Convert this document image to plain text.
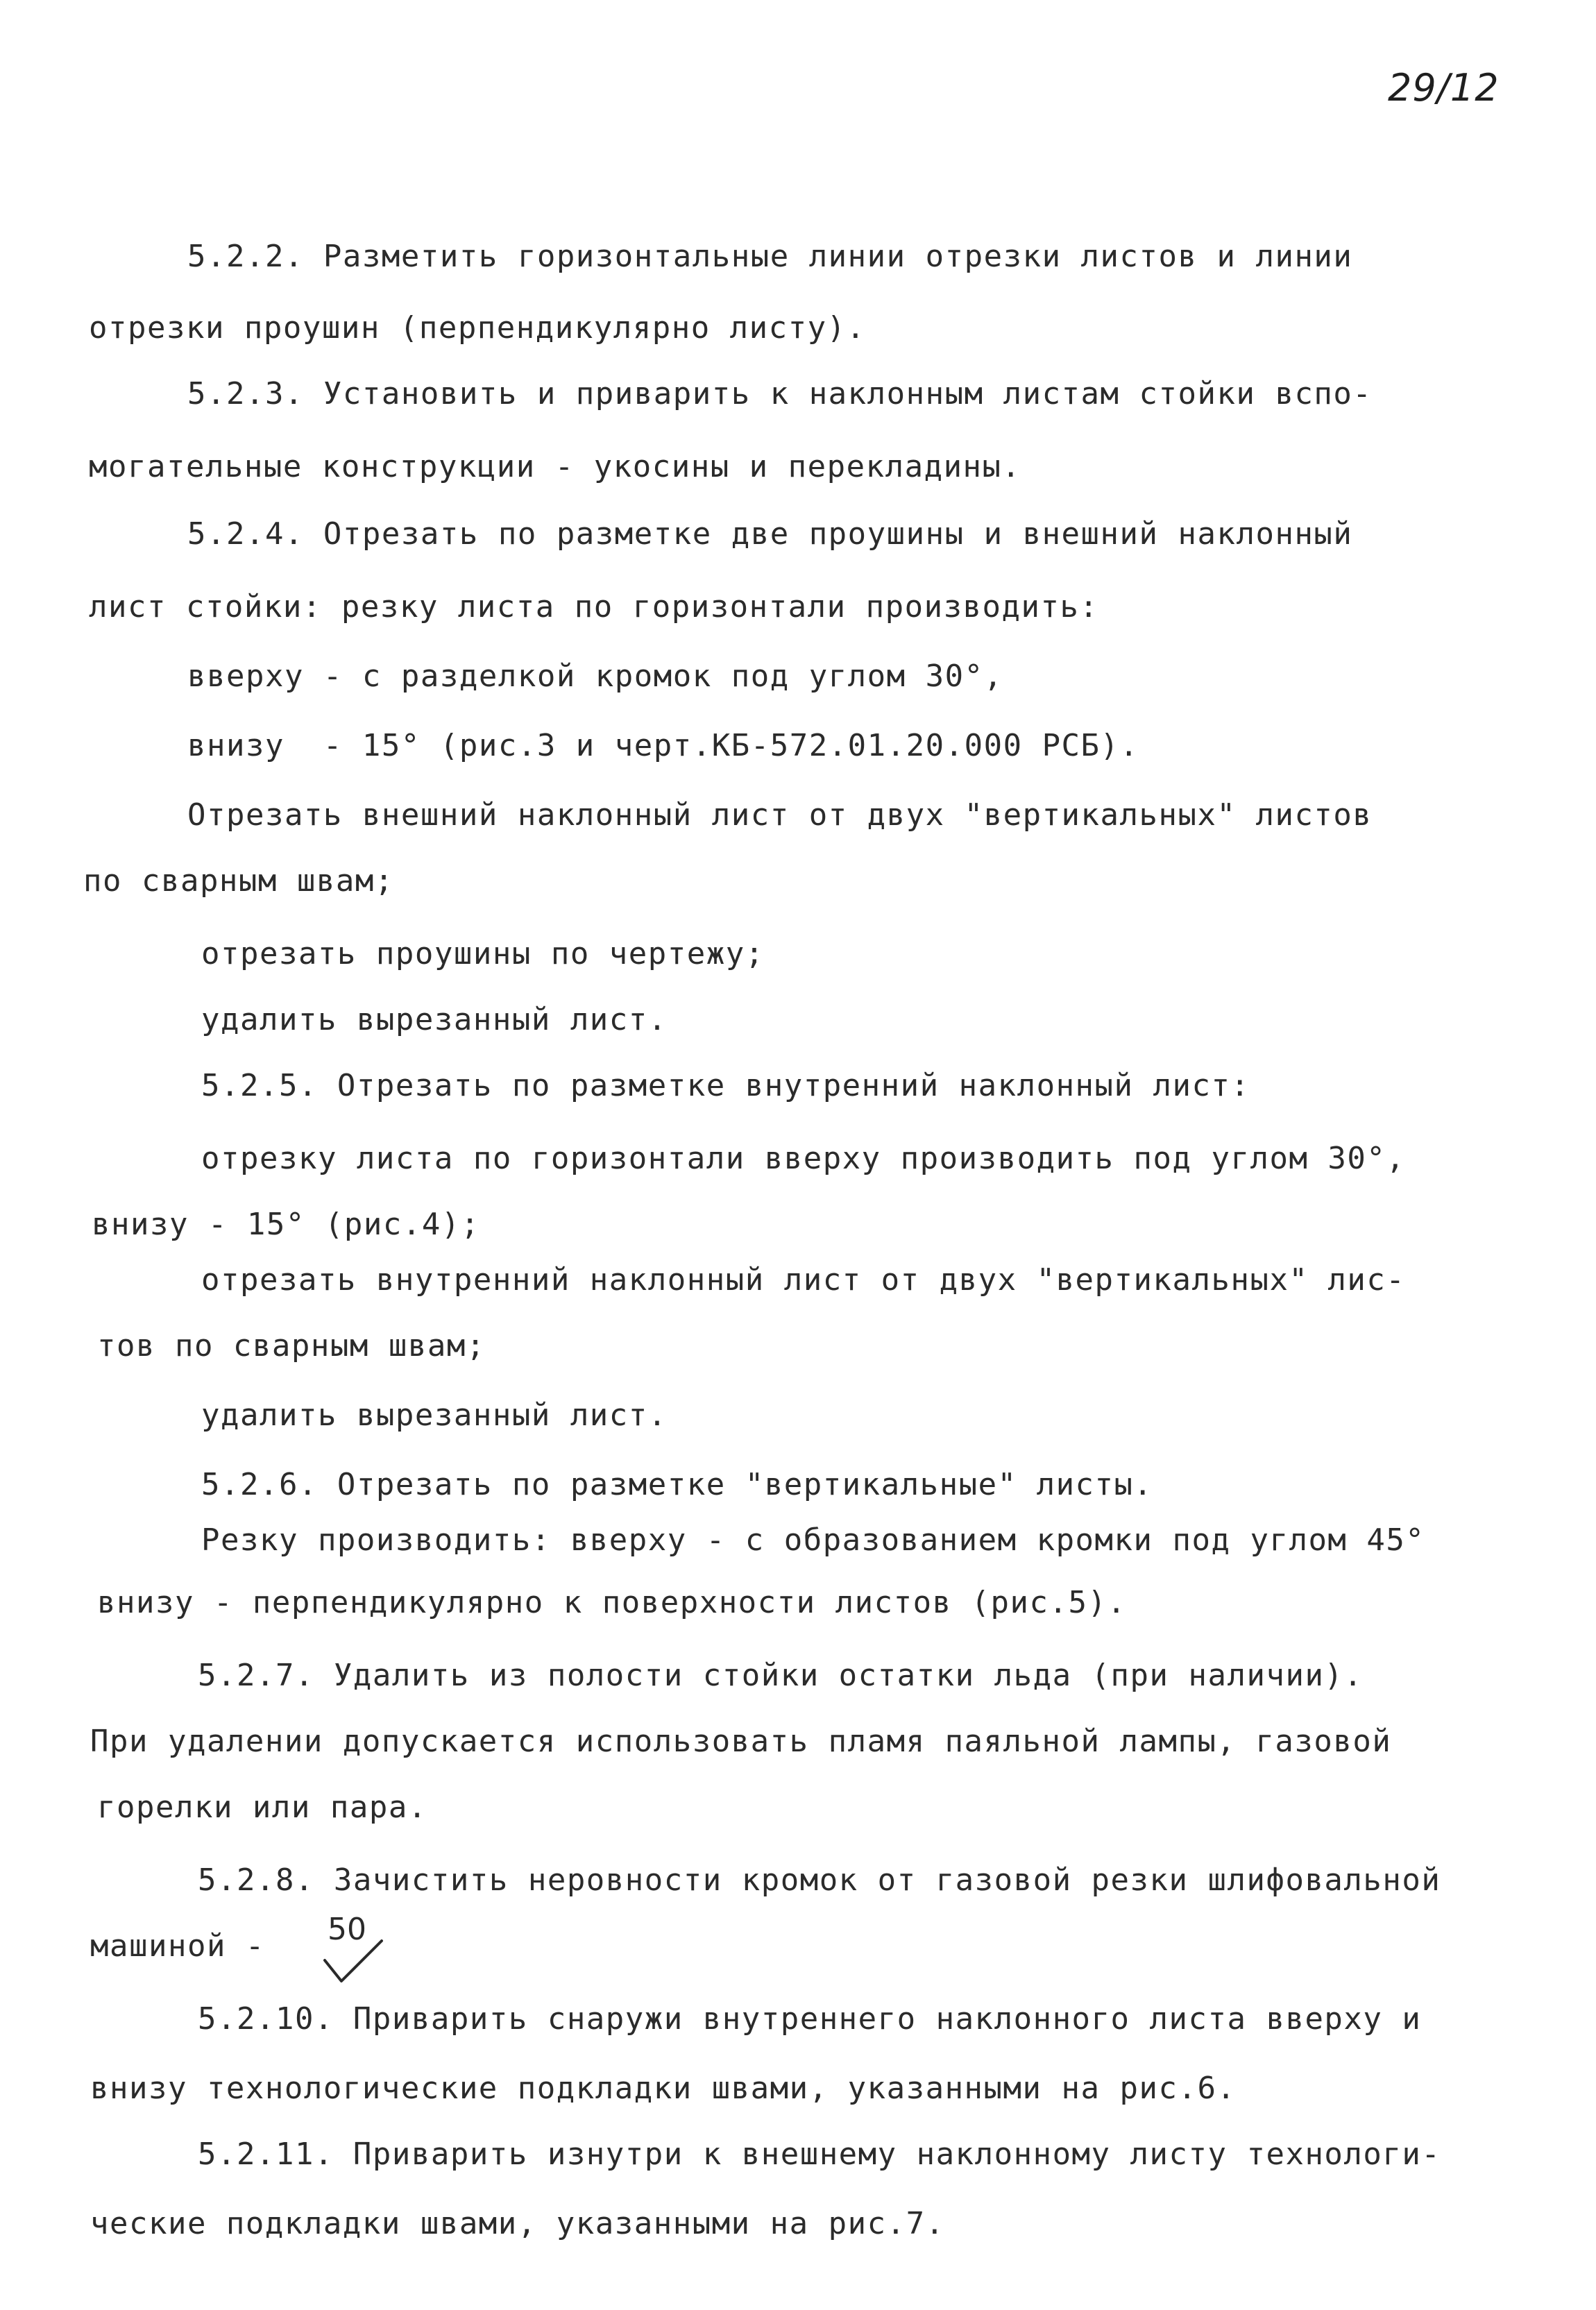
29/12
5.2.2. Разметить горизонтальные линии отрезки листов и линии
отрезки проушин (перпендикулярно листу).
5.2.3. Установить и приварить к наклонным листам стойки вспо-
могательные конструкции - укосины и перекладины.
5.2.4. Отрезать по разметке две проушины и внешний наклонный
лист стойки: резку листа по горизонтали производить:
вверху - с разделкой кромок под углом 30°,
внизу  - 15° (рис.3 и черт.КБ-572.01.20.000 РСБ).
Отрезать внешний наклонный лист от двух "вертикальных" листов
по сварным швам;
отрезать проушины по чертежу;
удалить вырезанный лист.
5.2.5. Отрезать по разметке внутренний наклонный лист:
отрезку листа по горизонтали вверху производить под углом 30°,
внизу - 15° (рис.4);
отрезать внутренний наклонный лист от двух "вертикальных" лис-
тов по сварным швам;
удалить вырезанный лист.
5.2.6. Отрезать по разметке "вертикальные" листы.
Резку производить: вверху - с образованием кромки под углом 45°
внизу - перпендикулярно к поверхности листов (рис.5).
5.2.7. Удалить из полости стойки остатки льда (при наличии).
При удалении допускается использовать пламя паяльной лампы, газовой
горелки или пара.
5.2.8. Зачистить неровности кромок от газовой резки шлифовальной
машиной - 50
5.2.10. Приварить снаружи внутреннего наклонного листа вверху и
внизу технологические подкладки швами, указанными на рис.6.
5.2.11. Приварить изнутри к внешнему наклонному листу технологи-
ческие подкладки швами, указанными на рис.7.
